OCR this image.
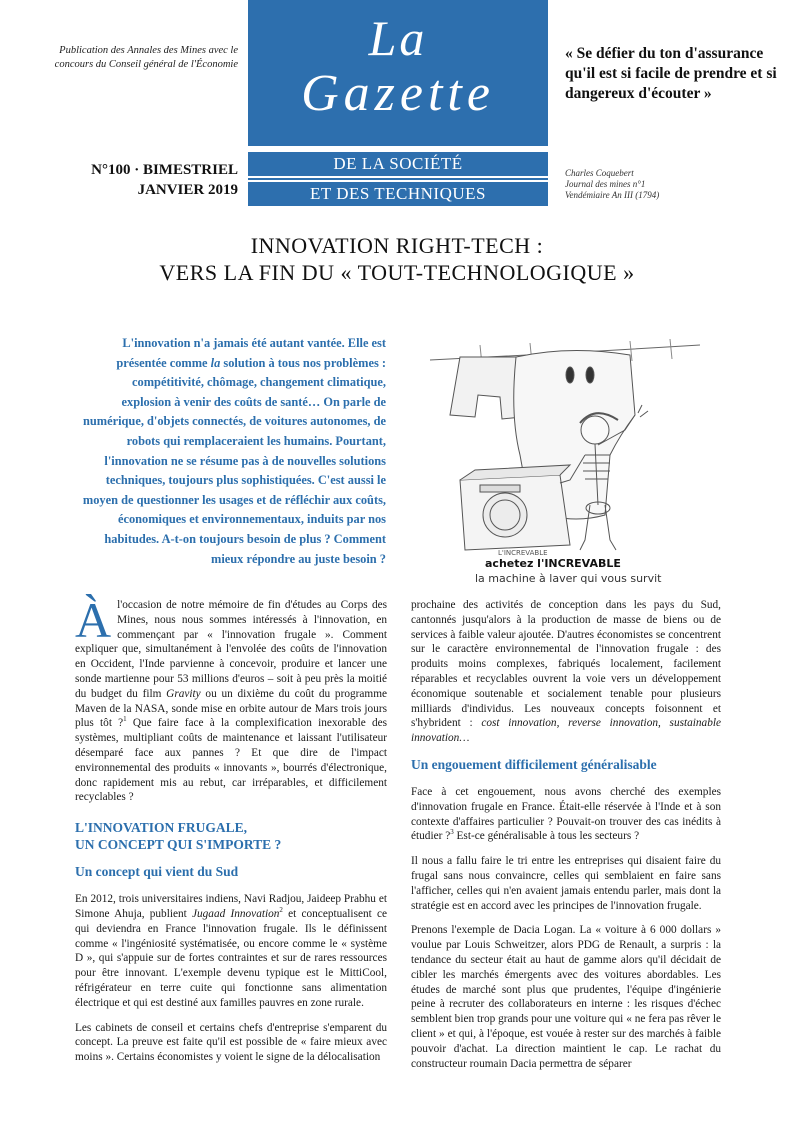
Publication des Annales des Mines avec le concours du Conseil général de l'Économie	La
Gazette
DE LA SOCIÉTÉ
ET DES TECHNIQUES
N°100 · BIMESTRIEL
JANVIER 2019
« Se défier du ton d'assurance qu'il est si facile de prendre et si dangereux d'écouter »
Charles Coquebert
Journal des mines n°1
Vendémiaire An III (1794)
INNOVATION RIGHT-TECH :
VERS LA FIN DU « TOUT-TECHNOLOGIQUE »
L'innovation n'a jamais été autant vantée. Elle est présentée comme la solution à tous nos problèmes : compétitivité, chômage, changement climatique, explosion à venir des coûts de santé… On parle de numérique, d'objets connectés, de voitures autonomes, de robots qui remplaceraient les humains. Pourtant, l'innovation ne se résume pas à de nouvelles solutions techniques, toujours plus sophistiquées. C'est aussi le moyen de questionner les usages et de réfléchir aux coûts, économiques et environnementaux, induits par nos habitudes. A-t-on toujours besoin de plus ? Comment mieux répondre au juste besoin ?	L'INCREVABLE
achetez l'INCREVABLE
la machine à laver qui vous survit

Àl'occasion de notre mémoire de fin d'études au Corps des Mines, nous nous sommes intéressés à l'innovation, en commençant par « l'innovation frugale ». Comment expliquer que, simultanément à l'envolée des coûts de l'innovation en Occident, l'Inde parvienne à concevoir, produire et lancer une sonde martienne pour 53 millions d'euros – soit à peu près la moitié du budget du film Gravity ou un dixième du coût du programme Maven de la NASA, sonde mise en orbite autour de Mars trois jours plus tôt ?$^1$ Que faire face à la complexification inexorable des systèmes, multipliant coûts de maintenance et laissant l'utilisateur désemparé face aux pannes ? Et que dire de l'impact environnemental des produits « innovants », bourrés d'électronique, donc rapidement mis au rebut, car irréparables, et difficilement recyclables ?

L'INNOVATION FRUGALE,
UN CONCEPT QUI S'IMPORTE ?
Un concept qui vient du Sud

En 2012, trois universitaires indiens, Navi Radjou, Jaideep Prabhu et Simone Ahuja, publient Jugaad Innovation$^2$ et conceptualisent ce qui deviendra en France l'innovation frugale. Ils le définissent comme « l'ingéniosité systématisée, ou encore comme le « système D », qui s'appuie sur de fortes contraintes et sur de rares ressources pour être innovant. L'exemple devenu typique est le MittiCool, réfrigérateur en terre cuite qui fonctionne sans alimentation électrique et qui est destiné aux familles pauvres en zone rurale.

Les cabinets de conseil et certains chefs d'entreprise s'emparent du concept. La preuve est faite qu'il est possible de « faire mieux avec moins ». Certains économistes y voient le signe de la délocalisation

prochaine des activités de conception dans les pays du Sud, cantonnés jusqu'alors à la production de masse de biens ou de services à faible valeur ajoutée. D'autres économistes se concentrent sur le caractère environnemental de l'innovation frugale : des produits moins complexes, fabriqués localement, facilement réparables et recyclables ouvrent la voie vers un développement économique soutenable et socialement tenable pour plusieurs milliards d'individus. Les nouveaux concepts foisonnent et s'hybrident : cost innovation, reverse innovation, sustainable innovation…

Un engouement difficilement généralisable

Face à cet engouement, nous avons cherché des exemples d'innovation frugale en France. Était-elle réservée à l'Inde et à son contexte d'affaires particulier ? Pouvait-on trouver des cas inédits à étudier ?$^3$ Est-ce généralisable à tous les secteurs ?

Il nous a fallu faire le tri entre les entreprises qui disaient faire du frugal sans nous convaincre, celles qui semblaient en faire sans l'afficher, celles qui n'en avaient jamais entendu parler, mais dont la stratégie est en accord avec les principes de l'innovation frugale.

Prenons l'exemple de Dacia Logan. La « voiture à 6 000 dollars » voulue par Louis Schweitzer, alors PDG de Renault, a surpris : la tendance du secteur était au haut de gamme alors qu'il décidait de cibler les marchés émergents avec des voitures abordables. Les études de marché sont plus que prudentes, l'équipe d'ingénierie peine à recruter des collaborateurs en interne : les risques d'échec semblent bien trop grands pour une voiture qui « ne fera pas rêver le client » et qui, à l'époque, est vouée à rester sur des marchés à faible pouvoir d'achat. La direction maintient le cap. Le rachat du constructeur roumain Dacia permettra de séparer
